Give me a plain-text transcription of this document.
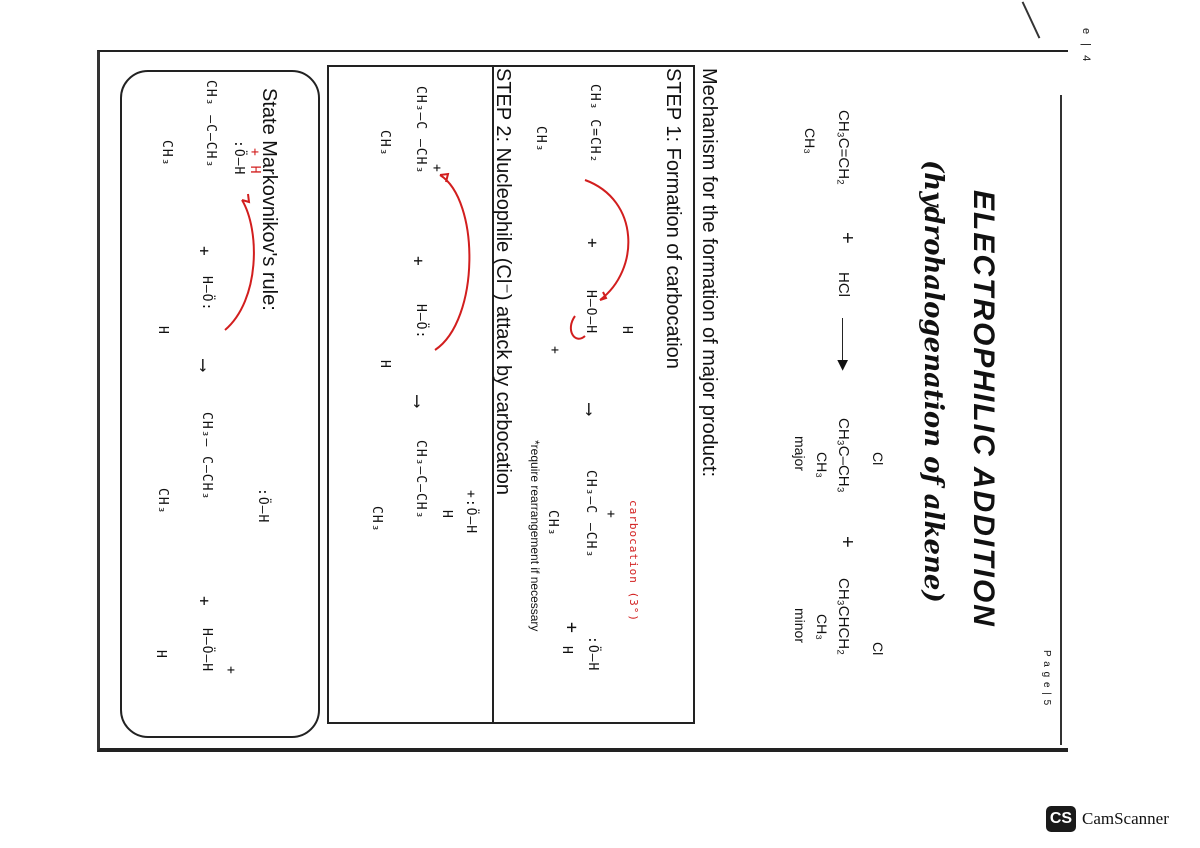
e | 4
ELECTROPHILIC ADDITION
(hydrohalogenation of alkene)
P a g e | 5
CH₃C=CH₂
CH₃
+
HCl
———▶
Cl
CH₃C–CH₃
CH₃
major
+
Cl
CH₃CHCH₂
CH₃
minor
Mechanism for the formation of major product:
STEP 1: Formation of carbocation
CH₃ C=CH₂
CH₃
+
H
H–O–H
+
⟶
+
CH₃–C –CH₃
CH₃	carbocation (3°)
+
:Ö–H
H
*require rearrangement if necessary
STEP 2: Nucleophile (Cl⁻) attack by carbocation
+
CH₃–C –CH₃
CH₃
+
H–Ö:
H
⟶
+:Ö–H
H
CH₃–C–CH₃
CH₃
State Markovnikov's rule:
+ H
:Ö–H
CH₃ —C–CH₃
CH₃
+
H–Ö:
H
⟶
:Ö–H
CH₃– C–CH₃
CH₃
+
+
H–Ö–H
H
CS CamScanner
